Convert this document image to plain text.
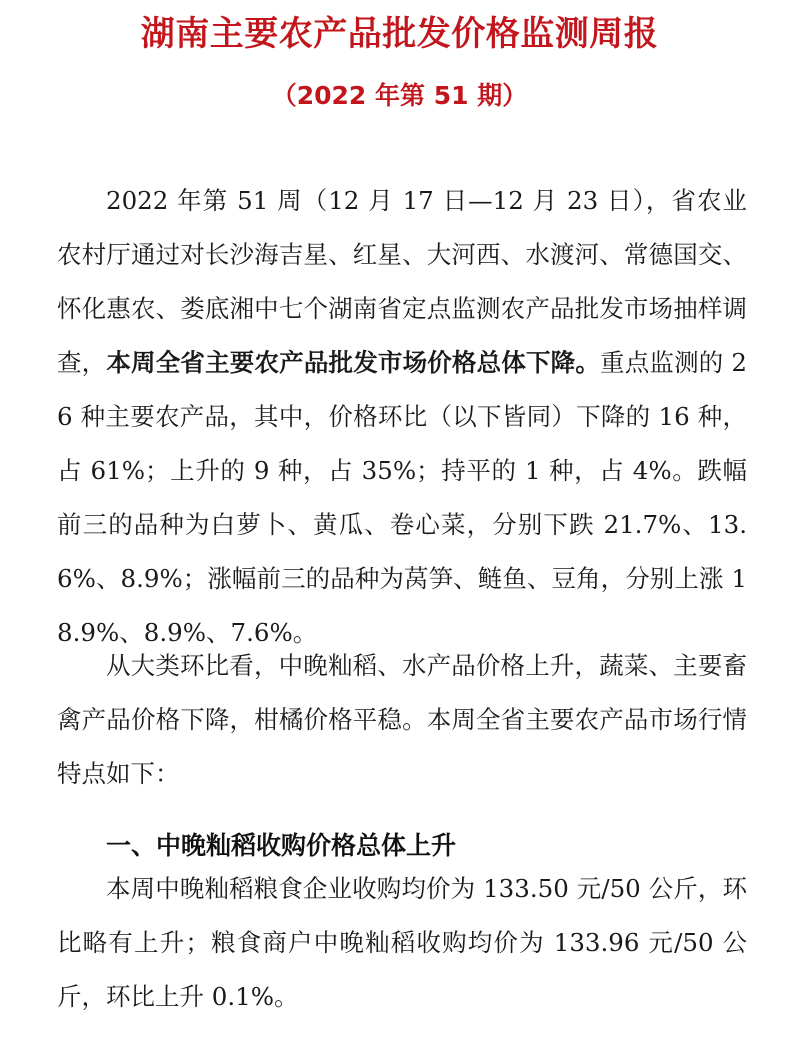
湖南主要农产品批发价格监测周报
（2022 年第 51 期）

2022 年第 51 周（12 月 17 日—12 月 23 日），省农业农村厅通过对长沙海吉星、红星、大河西、水渡河、常德国交、怀化惠农、娄底湘中七个湖南省定点监测农产品批发市场抽样调查，本周全省主要农产品批发市场价格总体下降。重点监测的 26 种主要农产品，其中，价格环比（以下皆同）下降的 16 种，占 61%；上升的 9 种，占 35%；持平的 1 种，占 4%。跌幅前三的品种为白萝卜、黄瓜、卷心菜，分别下跌 21.7%、13.6%、8.9%；涨幅前三的品种为莴笋、鲢鱼、豆角，分别上涨 18.9%、8.9%、7.6%。

从大类环比看，中晚籼稻、水产品价格上升，蔬菜、主要畜禽产品价格下降，柑橘价格平稳。本周全省主要农产品市场行情特点如下：

一、中晚籼稻收购价格总体上升

本周中晚籼稻粮食企业收购均价为 133.50 元/50 公斤，环比略有上升；粮食商户中晚籼稻收购均价为 133.96 元/50 公斤，环比上升 0.1%。
